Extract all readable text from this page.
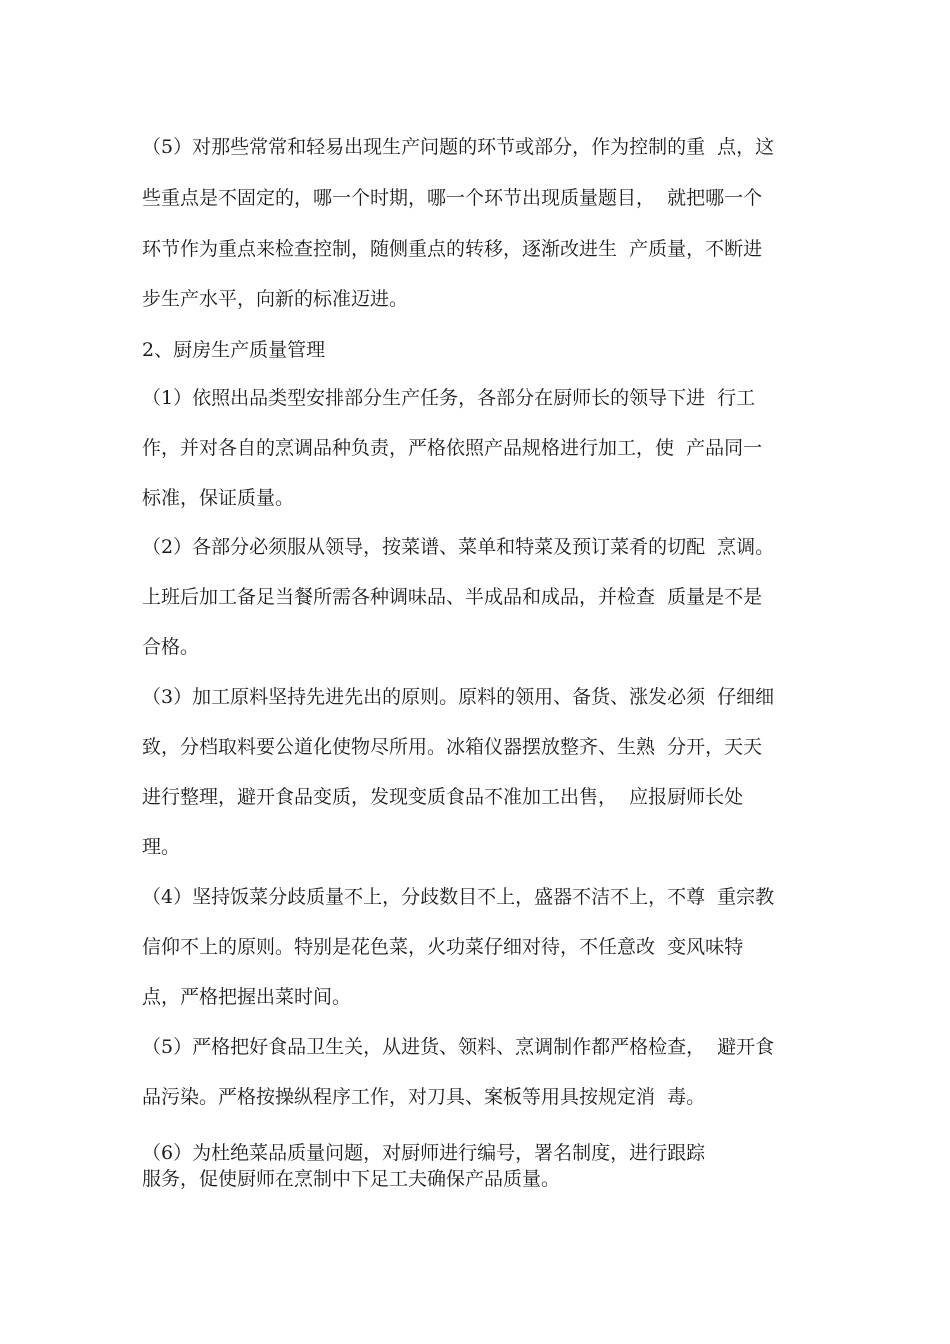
（5）对那些常常和轻易出现生产问题的环节或部分，作为控制的重  点，这
些重点是不固定的，哪一个时期，哪一个环节出现质量题目，  就把哪一个
环节作为重点来检查控制，随侧重点的转移，逐渐改进生  产质量，不断进
步生产水平，向新的标准迈进。
2、厨房生产质量管理
（1）依照出品类型安排部分生产任务，各部分在厨师长的领导下进  行工
作，并对各自的烹调品种负责，严格依照产品规格进行加工，使  产品同一
标准，保证质量。
（2）各部分必须服从领导，按菜谱、菜单和特菜及预订菜肴的切配  烹调。
上班后加工备足当餐所需各种调味品、半成品和成品，并检查  质量是不是
合格。
（3）加工原料坚持先进先出的原则。原料的领用、备货、涨发必须  仔细细
致，分档取料要公道化使物尽所用。冰箱仪器摆放整齐、生熟  分开，天天
进行整理，避开食品变质，发现变质食品不准加工出售，  应报厨师长处
理。
（4）坚持饭菜分歧质量不上，分歧数目不上，盛器不洁不上，不尊  重宗教
信仰不上的原则。特别是花色菜，火功菜仔细对待，不任意改  变风味特
点，严格把握出菜时间。
（5）严格把好食品卫生关，从进货、领料、烹调制作都严格检查，  避开食
品污染。严格按操纵程序工作，对刀具、案板等用具按规定消  毒。
（6）为杜绝菜品质量问题，对厨师进行编号，署名制度，进行跟踪
服务，促使厨师在烹制中下足工夫确保产品质量。
